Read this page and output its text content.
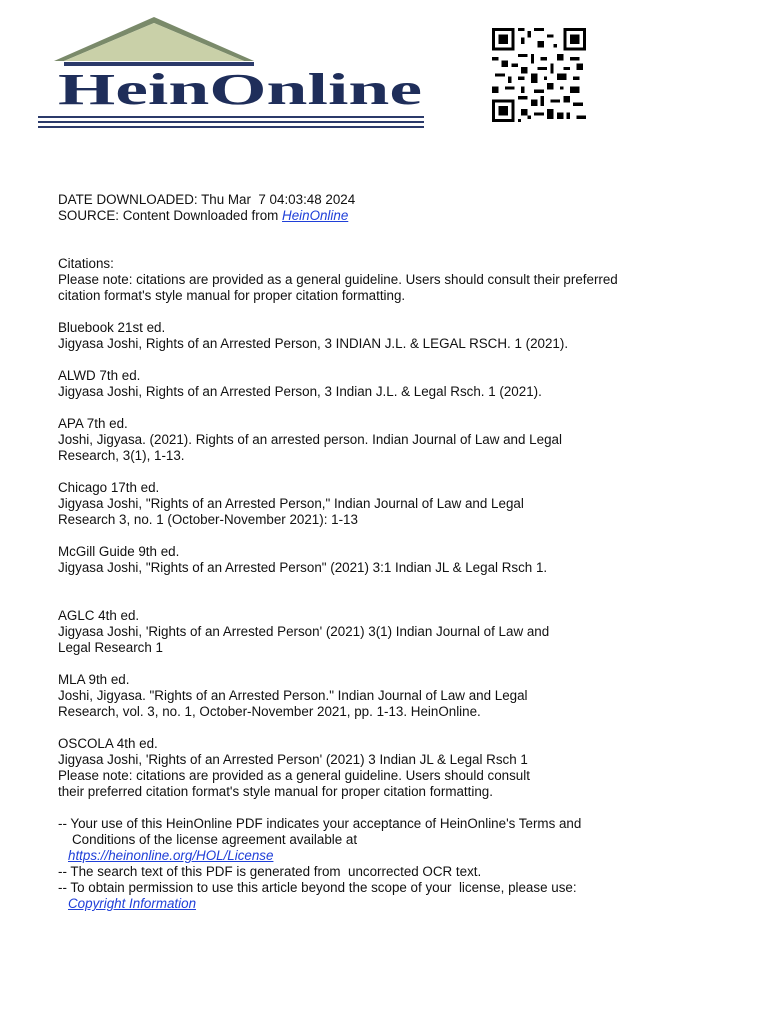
HeinOnline
DATE DOWNLOADED: Thu Mar  7 04:03:48 2024
SOURCE: Content Downloaded from HeinOnline
Citations:
Please note: citations are provided as a general guideline. Users should consult their preferred
citation format's style manual for proper citation formatting.
Bluebook 21st ed.
Jigyasa Joshi, Rights of an Arrested Person, 3 INDIAN J.L. & LEGAL RSCH. 1 (2021).
ALWD 7th ed.
Jigyasa Joshi, Rights of an Arrested Person, 3 Indian J.L. & Legal Rsch. 1 (2021).
APA 7th ed.
Joshi, Jigyasa. (2021). Rights of an arrested person. Indian Journal of Law and Legal
Research, 3(1), 1-13.
Chicago 17th ed.
Jigyasa Joshi, "Rights of an Arrested Person," Indian Journal of Law and Legal
Research 3, no. 1 (October-November 2021): 1-13
McGill Guide 9th ed.
Jigyasa Joshi, "Rights of an Arrested Person" (2021) 3:1 Indian JL & Legal Rsch 1.
AGLC 4th ed.
Jigyasa Joshi, 'Rights of an Arrested Person' (2021) 3(1) Indian Journal of Law and
Legal Research 1
MLA 9th ed.
Joshi, Jigyasa. "Rights of an Arrested Person." Indian Journal of Law and Legal
Research, vol. 3, no. 1, October-November 2021, pp. 1-13. HeinOnline.
OSCOLA 4th ed.
Jigyasa Joshi, 'Rights of an Arrested Person' (2021) 3 Indian JL & Legal Rsch 1
Please note: citations are provided as a general guideline. Users should consult
their preferred citation format's style manual for proper citation formatting.
-- Your use of this HeinOnline PDF indicates your acceptance of HeinOnline's Terms and
Conditions of the license agreement available at
https://heinonline.org/HOL/License
-- The search text of this PDF is generated from  uncorrected OCR text.
-- To obtain permission to use this article beyond the scope of your  license, please use:
Copyright Information
